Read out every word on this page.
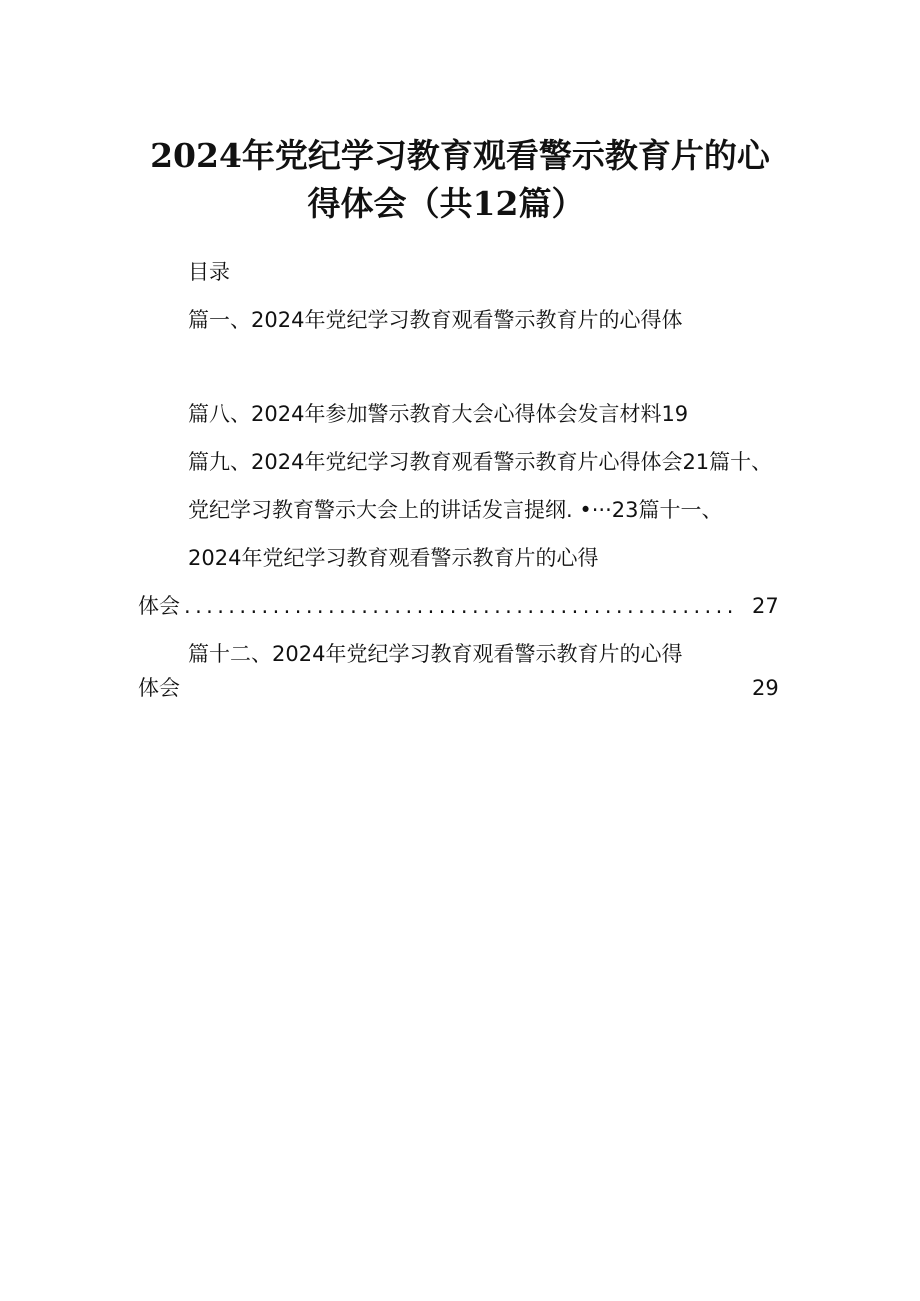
2024年党纪学习教育观看警示教育片的心
得体会（共12篇）
目录
篇一、2024年党纪学习教育观看警示教育片的心得体
篇八、2024年参加警示教育大会心得体会发言材料19
篇九、2024年党纪学习教育观看警示教育片心得体会21篇十、
党纪学习教育警示大会上的讲话发言提纲. •···23篇十一、
2024年党纪学习教育观看警示教育片的心得
体会 .................................................. 27
篇十二、2024年党纪学习教育观看警示教育片的心得
体会	29
